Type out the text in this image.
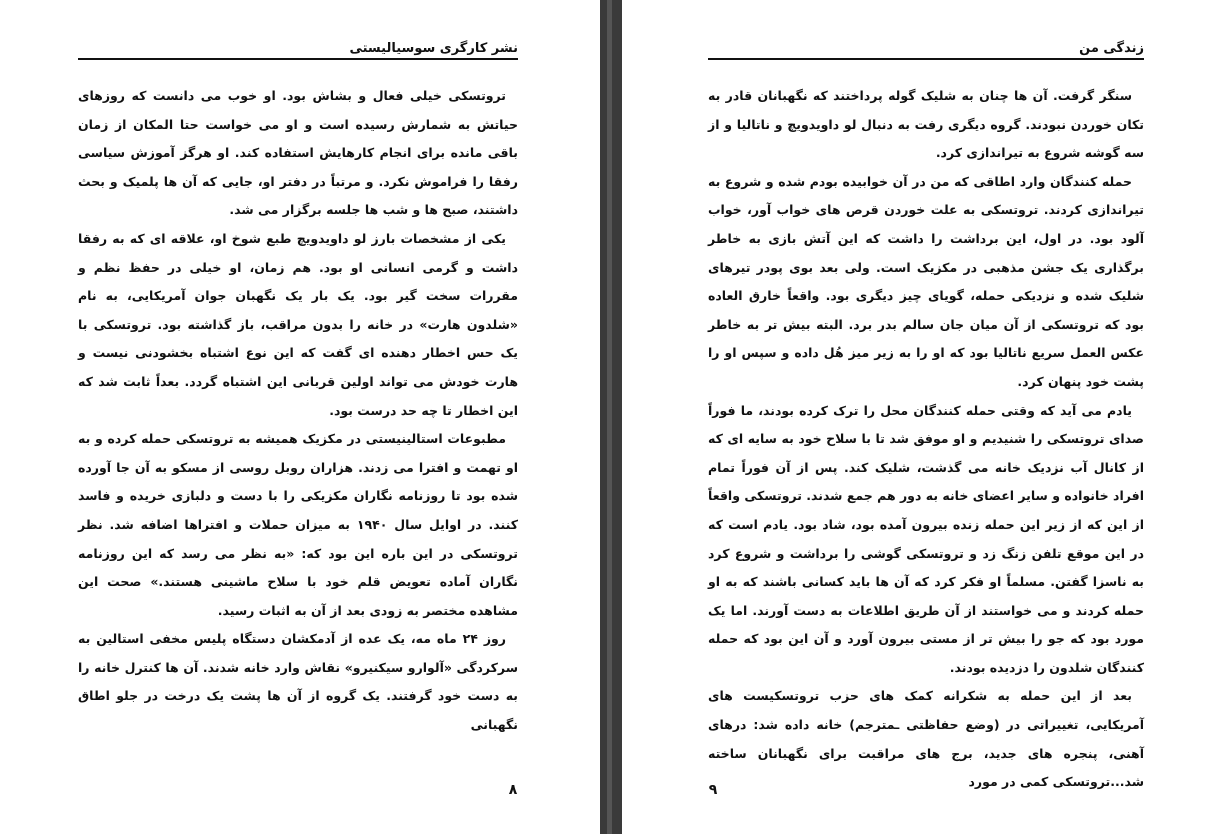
نشر کارگری سوسیالیستی

تروتسکی خیلی فعال و بشاش بود. او خوب می دانست که روزهای حیاتش به شمارش رسیده است و او می خواست حتا المکان از زمان باقی مانده برای انجام کارهایش استفاده کند. او هرگز آموزش سیاسی رفقا را فراموش نکرد. و مرتباً در دفتر او، جایی که آن ها پلمیک و بحث داشتند، صبح ها و شب ها جلسه برگزار می شد.

یکی از مشخصات بارز لو داویدویچ طبع شوخ او، علاقه ای که به رفقا داشت و گرمی انسانی او بود. هم زمان، او خیلی در حفظ نظم و مقررات سخت گیر بود. یک بار یک نگهبان جوان آمریکایی، به نام «شلدون هارت» در خانه را بدون مراقب، باز گذاشته بود. تروتسکی با یک حس اخطار دهنده ای گفت که این نوع اشتباه بخشودنی نیست و هارت خودش می تواند اولین قربانی این اشتباه گردد. بعداً ثابت شد که این اخطار تا چه حد درست بود.

مطبوعات استالینیستی در مکزیک همیشه به تروتسکی حمله کرده و به او تهمت و افترا می زدند. هزاران روبل روسی از مسکو به آن جا آورده شده بود تا روزنامه نگاران مکزیکی را با دست و دلبازی خریده و فاسد کنند. در اوایل سال ۱۹۴۰ به میزان حملات و افتراها اضافه شد. نظر تروتسکی در این باره این بود که: «به نظر می رسد که این روزنامه نگاران آماده تعویض قلم خود با سلاح ماشینی هستند.» صحت این مشاهده مختصر به زودی بعد از آن به اثبات رسید.

روز ۲۴ ماه مه، یک عده از آدمکشان دستگاه پلیس مخفی استالین به سرکردگی «آلوارو سیکنیرو» نقاش وارد خانه شدند. آن ها کنترل خانه را به دست خود گرفتند. یک گروه از آن ها پشت یک درخت در جلو اطاق نگهبانی

۸
زندگی من

سنگر گرفت. آن ها چنان به شلیک گوله پرداختند که نگهبانان قادر به تکان خوردن نبودند. گروه دیگری رفت به دنبال لو داویدویچ و ناتالیا و از سه گوشه شروع به تیراندازی کرد.

حمله کنندگان وارد اطاقی که من در آن خوابیده بودم شده و شروع به تیراندازی کردند. تروتسکی به علت خوردن قرص های خواب آور، خواب آلود بود. در اول، این برداشت را داشت که این آتش بازی به خاطر برگذاری یک جشن مذهبی در مکزیک است. ولی بعد بوی پودر تیرهای شلیک شده و نزدیکی حمله، گویای چیز دیگری بود. واقعاً خارق العاده بود که تروتسکی از آن میان جان سالم بدر برد. البته بیش تر به خاطر عکس العمل سریع ناتالیا بود که او را به زیر میز هُل داده و سپس او را پشت خود پنهان کرد.

یادم می آید که وقتی حمله کنندگان محل را ترک کرده بودند، ما فوراً صدای تروتسکی را شنیدیم و او موفق شد تا با سلاح خود به سایه ای که از کانال آب نزدیک خانه می گذشت، شلیک کند. پس از آن فوراً تمام افراد خانواده و سایر اعضای خانه به دور هم جمع شدند. تروتسکی واقعاً از این که از زیر این حمله زنده بیرون آمده بود، شاد بود. یادم است که در این موقع تلفن زنگ زد و تروتسکی گوشی را برداشت و شروع کرد به ناسزا گفتن. مسلماً او فکر کرد که آن ها باید کسانی باشند که به او حمله کردند و می خواستند از آن طریق اطلاعات به دست آورند. اما یک مورد بود که جو را بیش تر از مستی بیرون آورد و آن این بود که حمله کنندگان شلدون را دزدیده بودند.

بعد از این حمله به شکرانه کمک های حزب تروتسکیست های آمریکایی، تغییراتی در (وضع حفاظتی ـمترجم) خانه داده شد: درهای آهنی، پنجره های جدید، برج های مراقبت برای نگهبانان ساخته شد...تروتسکی کمی در مورد

۹
